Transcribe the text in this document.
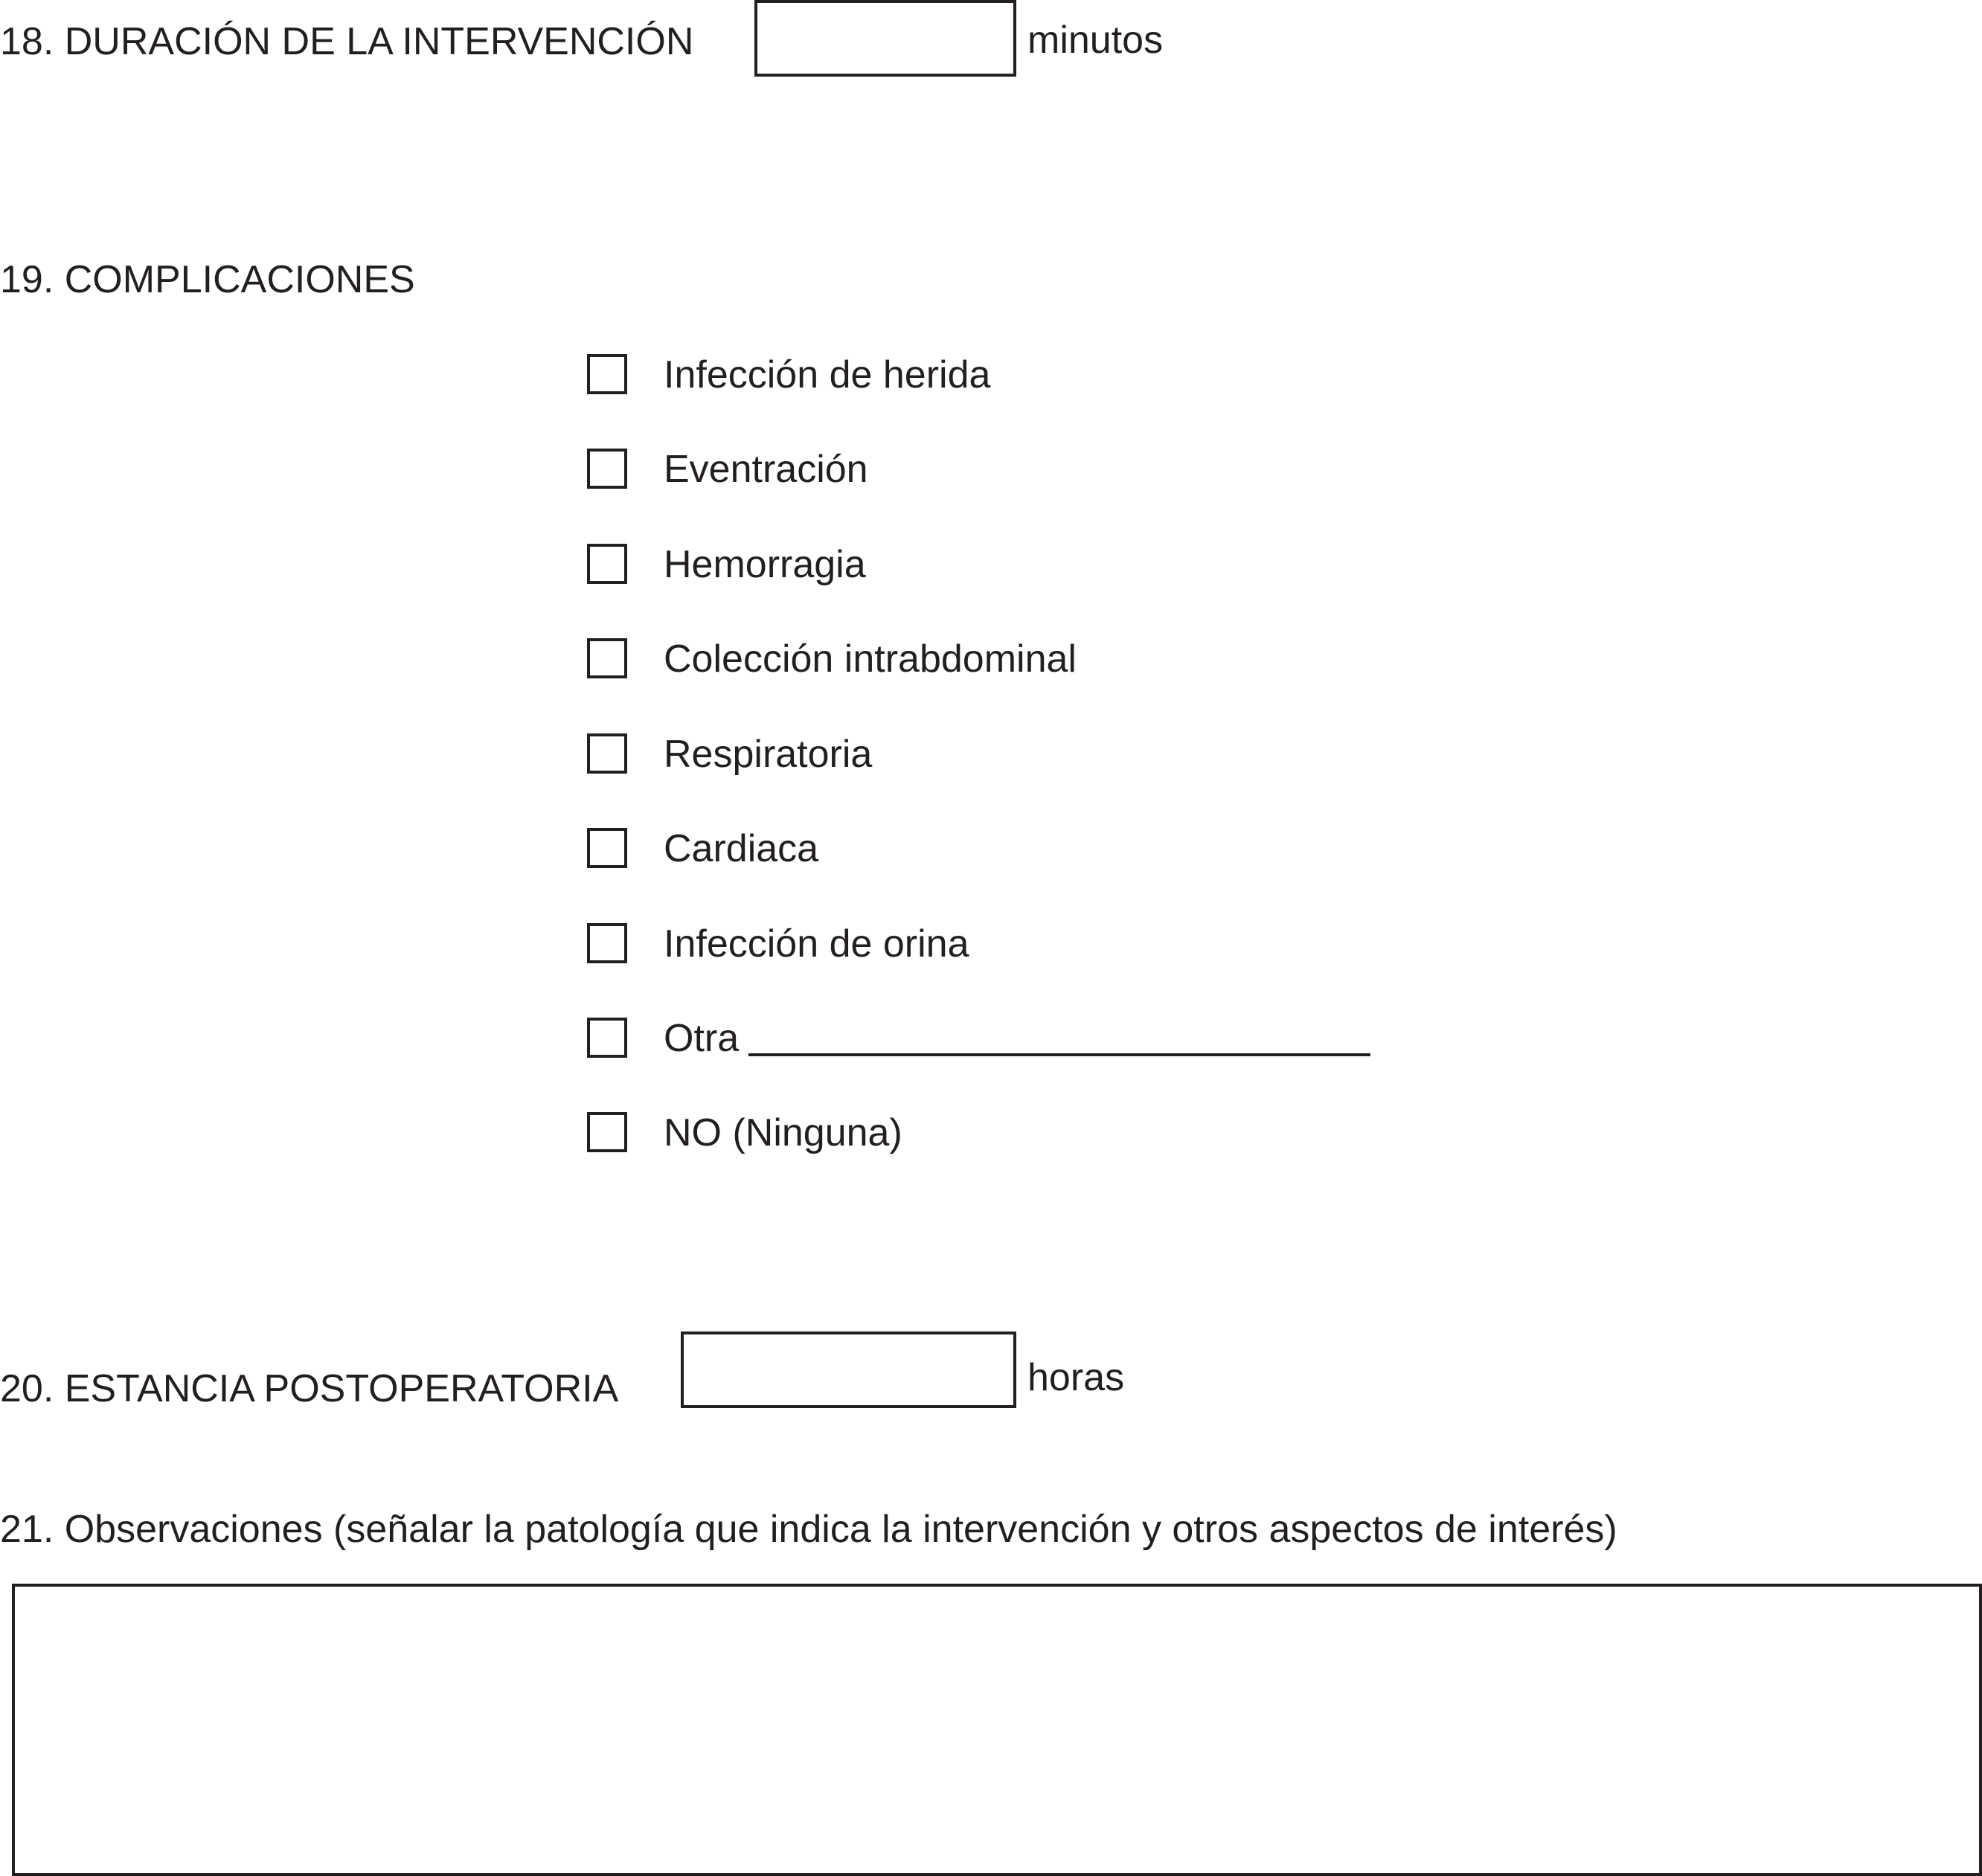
18. DURACIÓN DE LA INTERVENCIÓN	minutos
19. COMPLICACIONES
Infección de herida
Eventración
Hemorragia
Colección intrabdominal
Respiratoria
Cardiaca
Infección de orina
Otra
NO (Ninguna)
20. ESTANCIA POSTOPERATORIA	horas
21. Observaciones (señalar la patología que indica la intervención y otros aspectos de interés)
